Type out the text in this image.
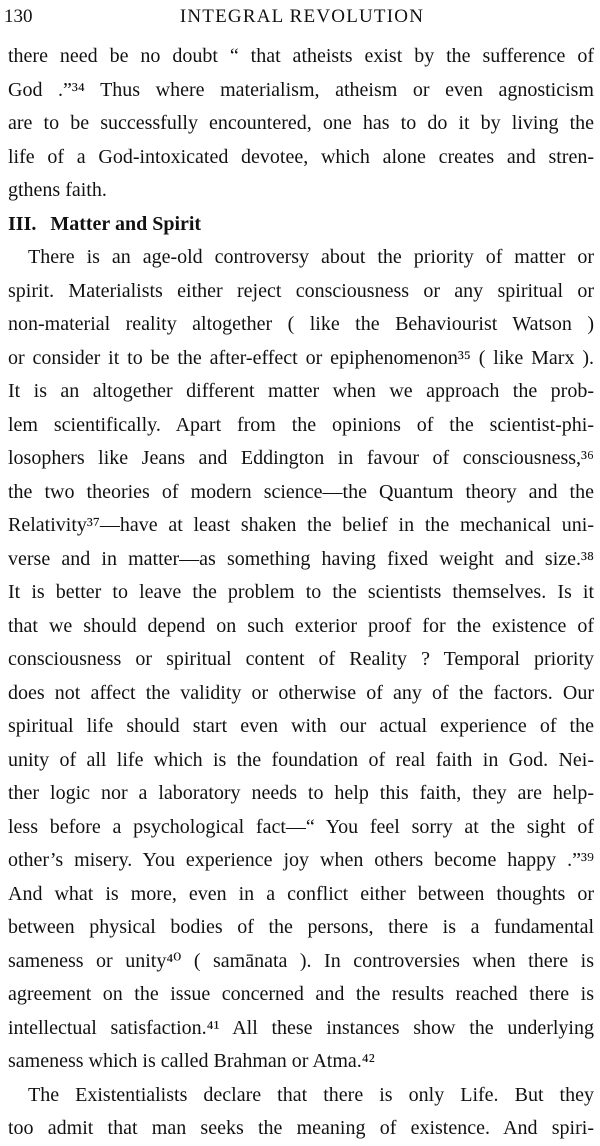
130	INTEGRAL REVOLUTION
there need be no doubt “ that atheists exist by the sufference of
God .”³⁴ Thus where materialism, atheism or even agnosticism
are to be successfully encountered, one has to do it by living the
life of a God-intoxicated devotee, which alone creates and stren-
gthens faith.
III. Matter and Spirit
There is an age-old controversy about the priority of matter or
spirit. Materialists either reject consciousness or any spiritual or
non-material reality altogether ( like the Behaviourist Watson )
or consider it to be the after-effect or epiphenomenon³⁵ ( like Marx ).
It is an altogether different matter when we approach the prob-
lem scientifically. Apart from the opinions of the scientist-phi-
losophers like Jeans and Eddington in favour of consciousness,³⁶
the two theories of modern science—the Quantum theory and the
Relativity³⁷—have at least shaken the belief in the mechanical uni-
verse and in matter—as something having fixed weight and size.³⁸
It is better to leave the problem to the scientists themselves. Is it
that we should depend on such exterior proof for the existence of
consciousness or spiritual content of Reality ? Temporal priority
does not affect the validity or otherwise of any of the factors. Our
spiritual life should start even with our actual experience of the
unity of all life which is the foundation of real faith in God. Nei-
ther logic nor a laboratory needs to help this faith, they are help-
less before a psychological fact—“ You feel sorry at the sight of
other’s misery. You experience joy when others become happy .”³⁹
And what is more, even in a conflict either between thoughts or
between physical bodies of the persons, there is a fundamental
sameness or unity⁴⁰ ( samānata ). In controversies when there is
agreement on the issue concerned and the results reached there is
intellectual satisfaction.⁴¹ All these instances show the underlying
sameness which is called Brahman or Atma.⁴²
The Existentialists declare that there is only Life. But they
too admit that man seeks the meaning of existence. And spiri-
